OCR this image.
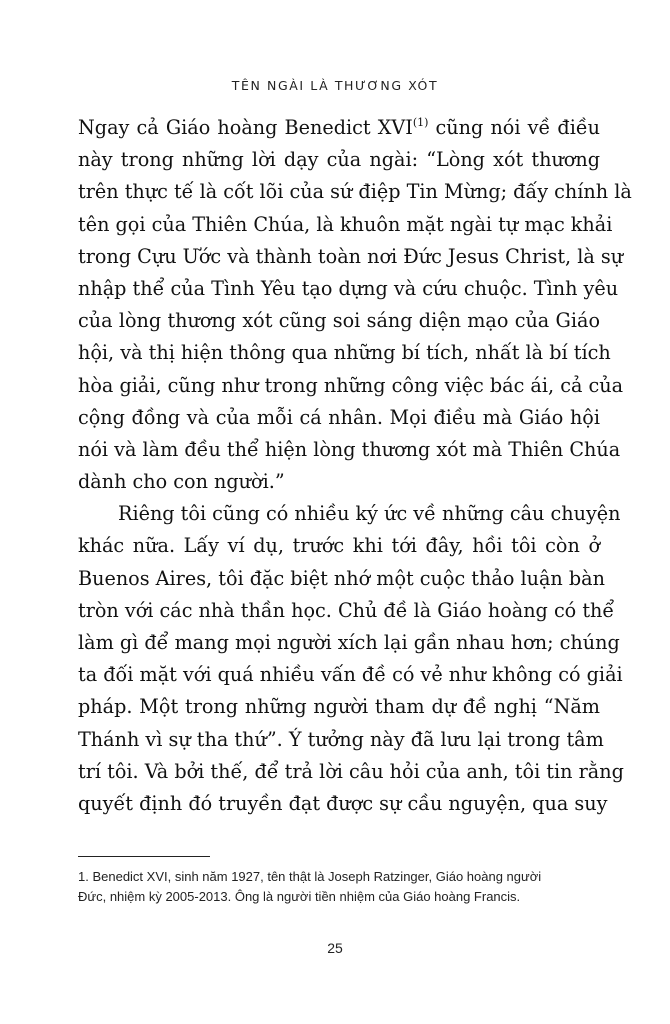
TÊN NGÀI LÀ THƯƠNG XÓT
Ngay cả Giáo hoàng Benedict XVI$^{(1)}$ cũng nói về điều
này trong những lời dạy của ngài: “Lòng xót thương
trên thực tế là cốt lõi của sứ điệp Tin Mừng; đấy chính là
tên gọi của Thiên Chúa, là khuôn mặt ngài tự mạc khải
trong Cựu Ước và thành toàn nơi Đức Jesus Christ, là sự
nhập thể của Tình Yêu tạo dựng và cứu chuộc. Tình yêu
của lòng thương xót cũng soi sáng diện mạo của Giáo
hội, và thị hiện thông qua những bí tích, nhất là bí tích
hòa giải, cũng như trong những công việc bác ái, cả của
cộng đồng và của mỗi cá nhân. Mọi điều mà Giáo hội
nói và làm đều thể hiện lòng thương xót mà Thiên Chúa
dành cho con người.”
Riêng tôi cũng có nhiều ký ức về những câu chuyện
khác nữa. Lấy ví dụ, trước khi tới đây, hồi tôi còn ở
Buenos Aires, tôi đặc biệt nhớ một cuộc thảo luận bàn
tròn với các nhà thần học. Chủ đề là Giáo hoàng có thể
làm gì để mang mọi người xích lại gần nhau hơn; chúng
ta đối mặt với quá nhiều vấn đề có vẻ như không có giải
pháp. Một trong những người tham dự đề nghị “Năm
Thánh vì sự tha thứ”. Ý tưởng này đã lưu lại trong tâm
trí tôi. Và bởi thế, để trả lời câu hỏi của anh, tôi tin rằng
quyết định đó truyền đạt được sự cầu nguyện, qua suy
1. Benedict XVI, sinh năm 1927, tên thật là Joseph Ratzinger, Giáo hoàng người
Đức, nhiệm kỳ 2005-2013. Ông là người tiền nhiệm của Giáo hoàng Francis.
25
